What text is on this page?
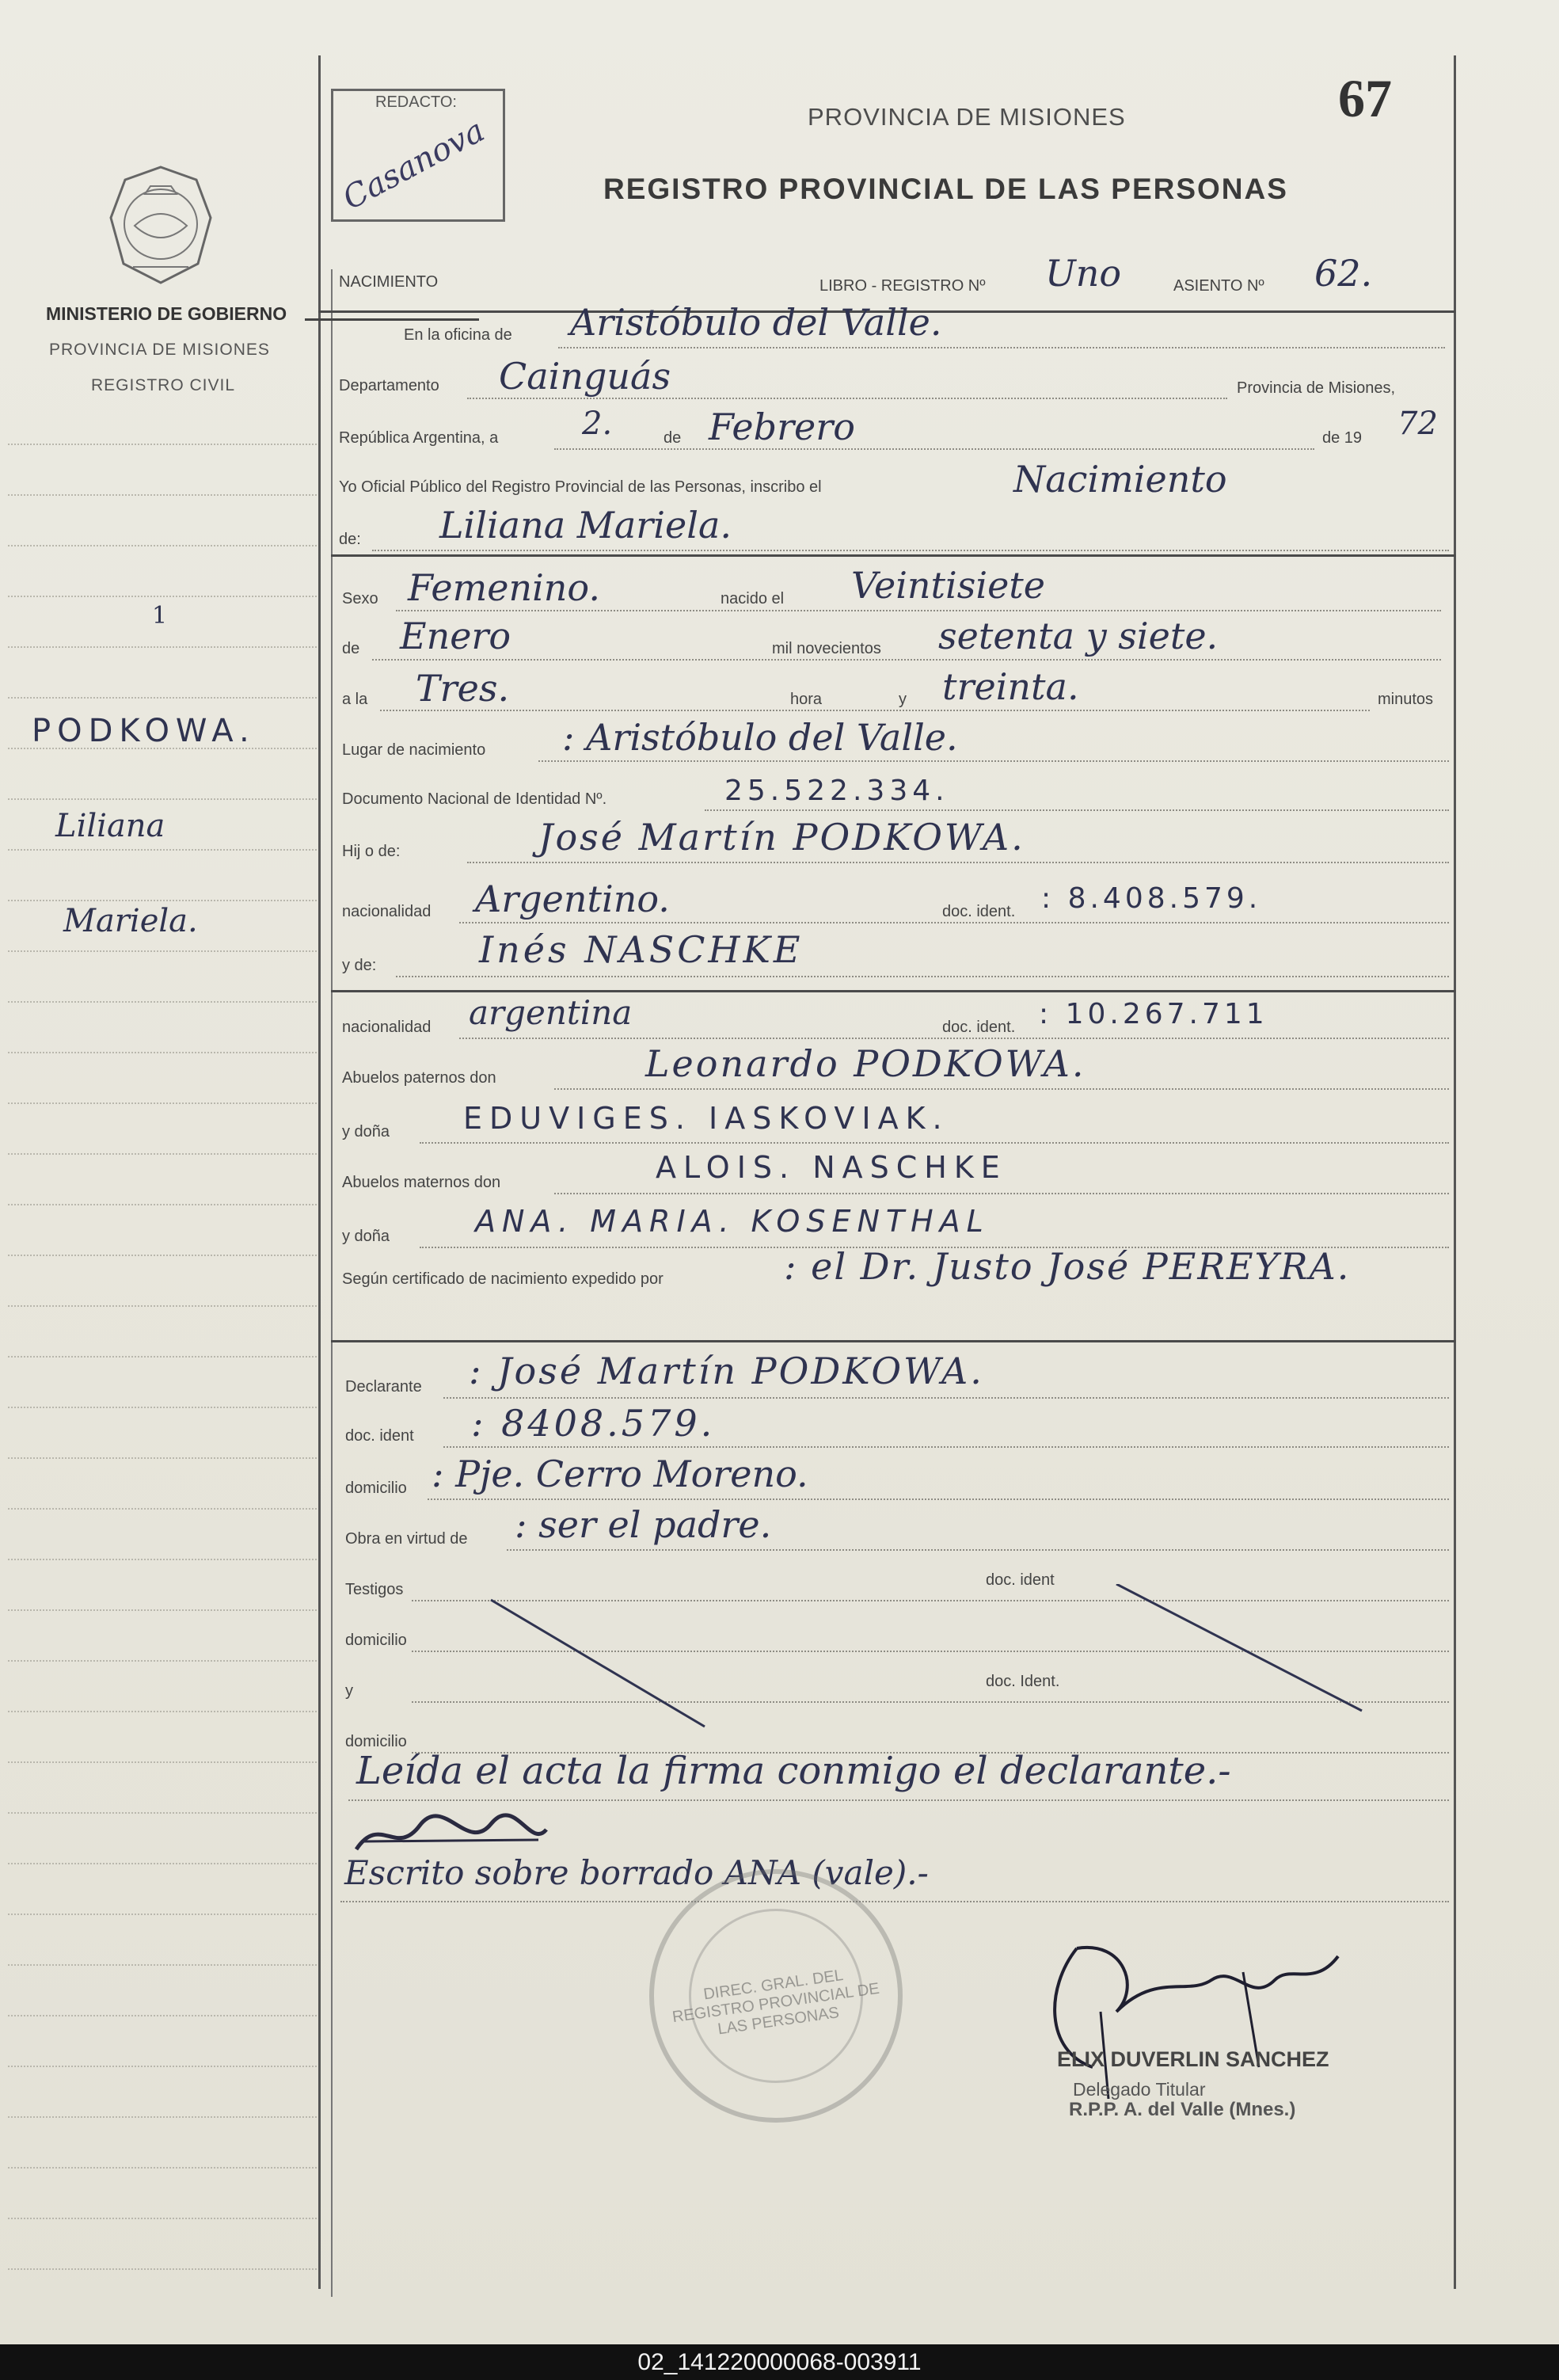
67
REDACTO:
Casanova	PROVINCIA DE MISIONES
REGISTRO PROVINCIAL DE LAS PERSONAS
MINISTERIO DE GOBIERNO
PROVINCIA DE MISIONES
REGISTRO CIVIL
1
PODKOWA.
Liliana
Mariela.
NACIMIENTO	LIBRO - REGISTRO Nº Uno	ASIENTO Nº 62.
En la oficina de Aristóbulo del Valle.
Departamento Cainguás	Provincia de Misiones,
República Argentina, a	2.	de Febrero	de 19 72
Yo Oficial Público del Registro Provincial de las Personas, inscribo el	Nacimiento
de: Liliana Mariela.
Sexo Femenino.	nacido el Veintisiete
de Enero	mil novecientos setenta y siete.
a la Tres.	hora	y treinta.	minutos
Lugar de nacimiento : Aristóbulo del Valle.
Documento Nacional de Identidad Nº.	25.522.334.
Hij o de:	José Martín PODKOWA.
nacionalidad Argentino.	doc. ident. : 8.408.579.
y de:	Inés NASCHKE
nacionalidad argentina	doc. ident. : 10.267.711
Abuelos paternos don	Leonardo PODKOWA.
y doña EDUVIGES. IASKOVIAK.
Abuelos maternos don	ALOIS. NASCHKE
y doña	ANA. MARIA. KOSENTHAL
Según certificado de nacimiento expedido por	: el Dr. Justo José PEREYRA.
Declarante : José Martín PODKOWA.
doc. ident : 8408.579.
domicilio : Pje. Cerro Moreno.
Obra en virtud de : ser el padre.
Testigos
doc. ident
domicilio
y
doc. Ident.
domicilio
Leída el acta la firma conmigo el declarante.-
Escrito sobre borrado ANA (vale).-
DIREC. GRAL. DEL REGISTRO PROVINCIAL DE LAS PERSONAS
ELIX DUVERLIN SANCHEZ
Delegado Titular
R.P.P. A. del Valle (Mnes.)
02_141220000068-003911
